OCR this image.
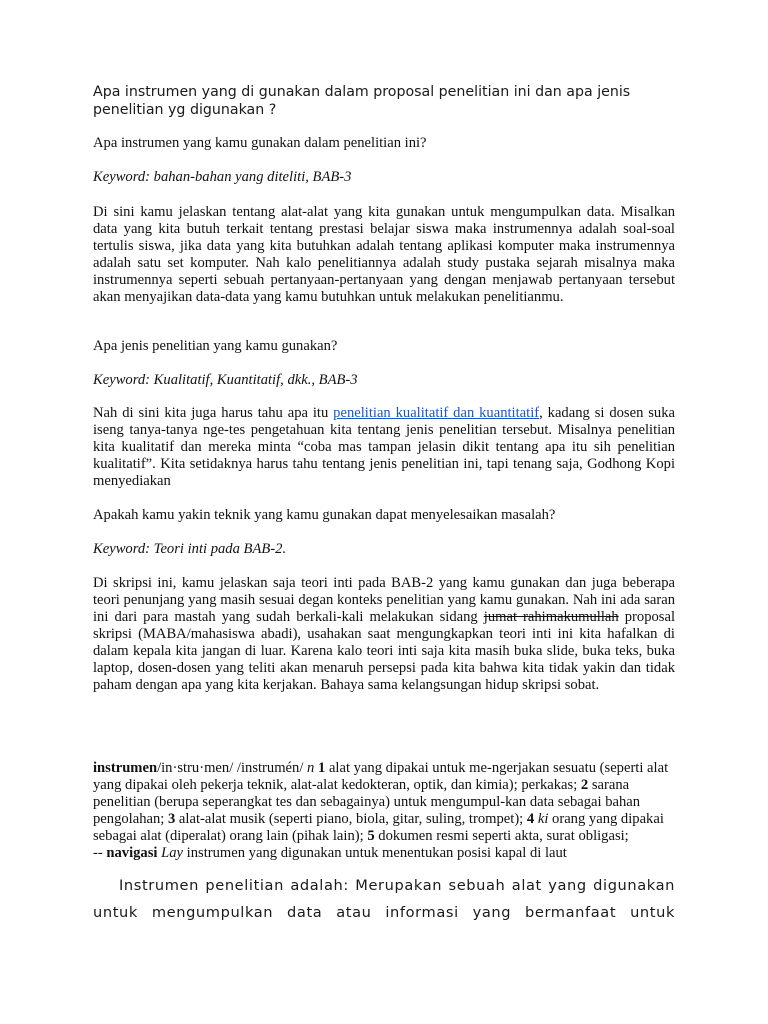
Apa instrumen yang di gunakan dalam proposal penelitian ini dan apa jenis penelitian yg digunakan ?

Apa instrumen yang kamu gunakan dalam penelitian ini?

Keyword: bahan-bahan yang diteliti, BAB-3

Di sini kamu jelaskan tentang alat-alat yang kita gunakan untuk mengumpulkan data. Misalkan data yang kita butuh terkait tentang prestasi belajar siswa maka instrumennya adalah soal-soal tertulis siswa, jika data yang kita butuhkan adalah tentang aplikasi komputer maka instrumennya adalah satu set komputer. Nah kalo penelitiannya adalah study pustaka sejarah misalnya maka instrumennya seperti sebuah pertanyaan-pertanyaan yang dengan menjawab pertanyaan tersebut akan menyajikan data-data yang kamu butuhkan untuk melakukan penelitianmu.

Apa jenis penelitian yang kamu gunakan?

Keyword: Kualitatif, Kuantitatif, dkk., BAB-3

Nah di sini kita juga harus tahu apa itu penelitian kualitatif dan kuantitatif, kadang si dosen suka iseng tanya-tanya nge-tes pengetahuan kita tentang jenis penelitian tersebut. Misalnya penelitian kita kualitatif dan mereka minta “coba mas tampan jelasin dikit tentang apa itu sih penelitian kualitatif”. Kita setidaknya harus tahu tentang jenis penelitian ini, tapi tenang saja, Godhong Kopi menyediakan

Apakah kamu yakin teknik yang kamu gunakan dapat menyelesaikan masalah?

Keyword: Teori inti pada BAB-2.

Di skripsi ini, kamu jelaskan saja teori inti pada BAB-2 yang kamu gunakan dan juga beberapa teori penunjang yang masih sesuai degan konteks penelitian yang kamu gunakan. Nah ini ada saran ini dari para mastah yang sudah berkali-kali melakukan sidang jumat rahimakumullah proposal skripsi (MABA/mahasiswa abadi), usahakan saat mengungkapkan teori inti ini kita hafalkan di dalam kepala kita jangan di luar. Karena kalo teori inti saja kita masih buka slide, buka teks, buka laptop, dosen-dosen yang teliti akan menaruh persepsi pada kita bahwa kita tidak yakin dan tidak paham dengan apa yang kita kerjakan. Bahaya sama kelangsungan hidup skripsi sobat.

instrumen/in·stru·men/ /instrumén/ n 1 alat yang dipakai untuk me-ngerjakan sesuatu (seperti alat yang dipakai oleh pekerja teknik, alat-alat kedokteran, optik, dan kimia); perkakas; 2 sarana penelitian (berupa seperangkat tes dan sebagainya) untuk mengumpul-kan data sebagai bahan pengolahan; 3 alat-alat musik (seperti piano, biola, gitar, suling, trompet); 4 ki orang yang dipakai sebagai alat (diperalat) orang lain (pihak lain); 5 dokumen resmi seperti akta, surat obligasi;
-- navigasi Lay instrumen yang digunakan untuk menentukan posisi kapal di laut

Instrumen penelitian adalah: Merupakan sebuah alat yang digunakan untuk mengumpulkan data atau informasi yang bermanfaat untuk
